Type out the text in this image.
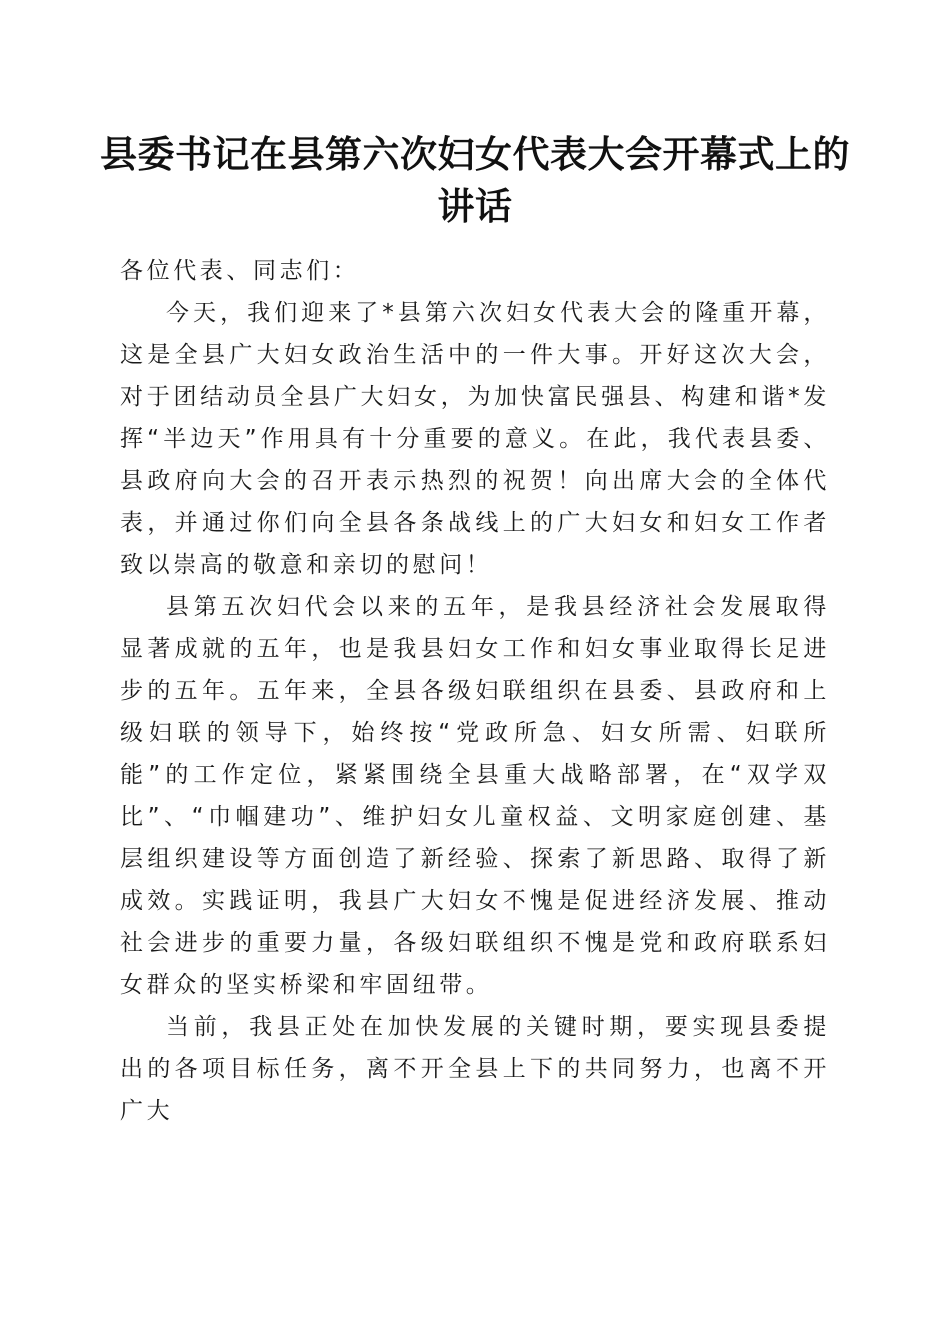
县委书记在县第六次妇女代表大会开幕式上的讲话

各位代表、同志们：

今天，我们迎来了*县第六次妇女代表大会的隆重开幕，这是全县广大妇女政治生活中的一件大事。开好这次大会，对于团结动员全县广大妇女，为加快富民强县、构建和谐*发挥“半边天”作用具有十分重要的意义。在此，我代表县委、县政府向大会的召开表示热烈的祝贺！向出席大会的全体代表，并通过你们向全县各条战线上的广大妇女和妇女工作者致以崇高的敬意和亲切的慰问！

县第五次妇代会以来的五年，是我县经济社会发展取得显著成就的五年，也是我县妇女工作和妇女事业取得长足进步的五年。五年来，全县各级妇联组织在县委、县政府和上级妇联的领导下，始终按“党政所急、妇女所需、妇联所能”的工作定位，紧紧围绕全县重大战略部署，在“双学双比”、“巾帼建功”、维护妇女儿童权益、文明家庭创建、基层组织建设等方面创造了新经验、探索了新思路、取得了新成效。实践证明，我县广大妇女不愧是促进经济发展、推动社会进步的重要力量，各级妇联组织不愧是党和政府联系妇女群众的坚实桥梁和牢固纽带。

当前，我县正处在加快发展的关键时期，要实现县委提出的各项目标任务，离不开全县上下的共同努力，也离不开广大
